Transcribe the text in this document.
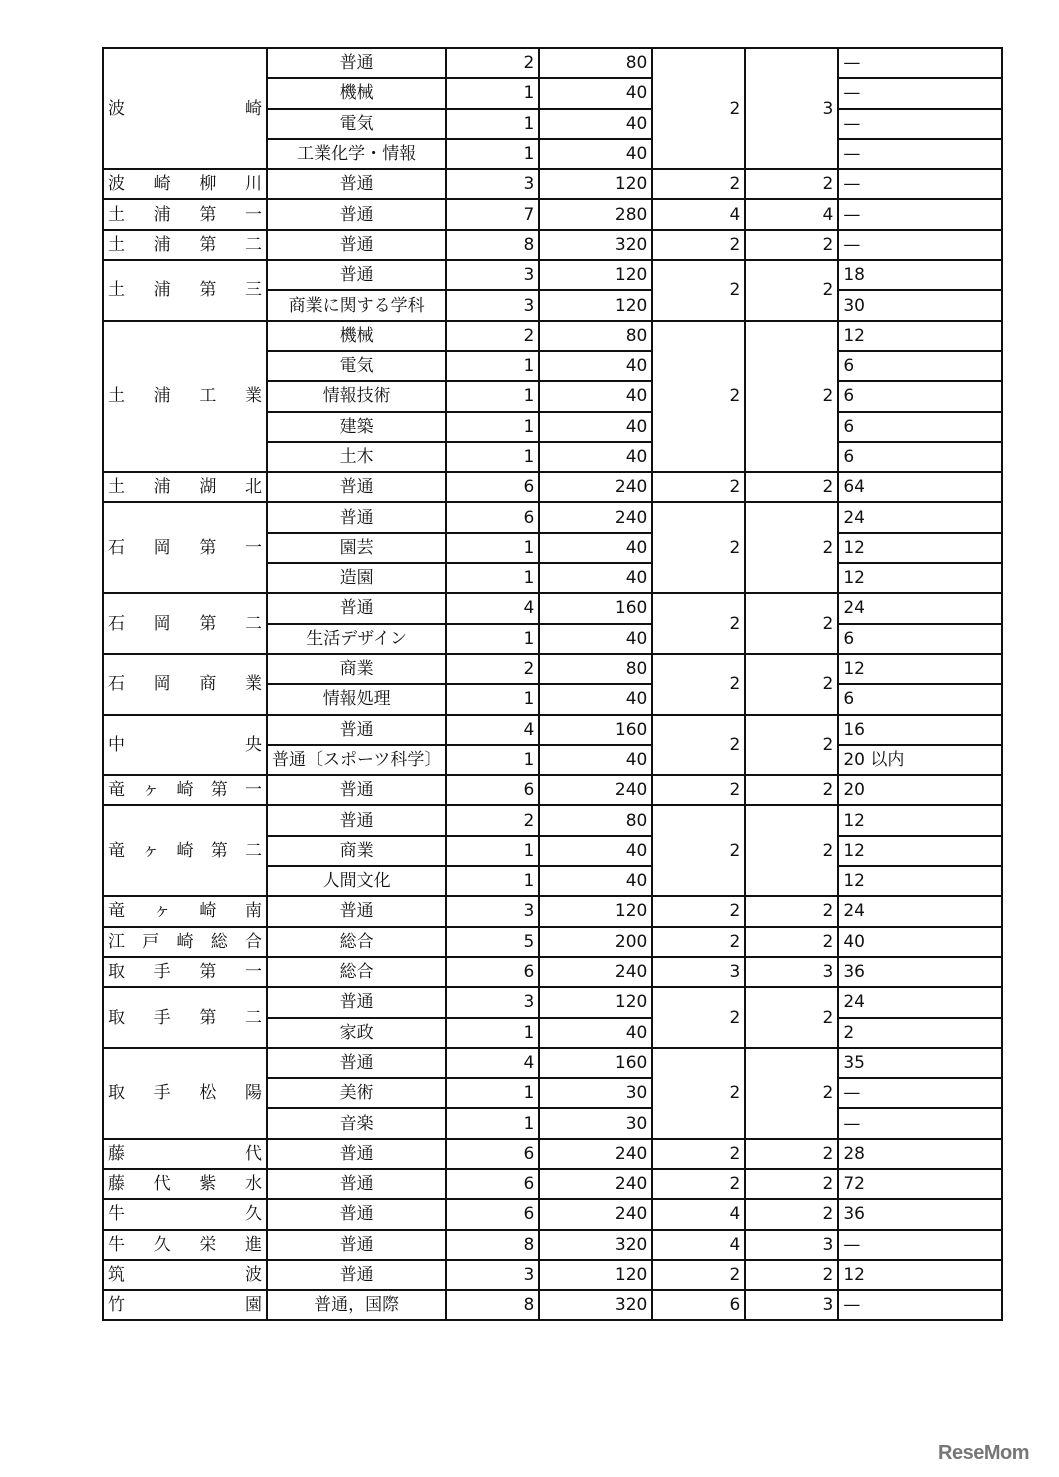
波 崎	普通	2	80	2	3	—
	機械	1	40			—
	電気	1	40			—
	工業化学・情報	1	40			—

波 崎 柳 川	普通	3	120	2	2	—

土 浦 第 一	普通	7	280	4	4	—

土 浦 第 二	普通	8	320	2	2	—

土 浦 第 三	普通	3	120	2	2	18
	商業に関する学科	3	120			30

土 浦 工 業	機械	2	80	2	2	12
	電気	1	40			6
	情報技術	1	40			6
	建築	1	40			6
	土木	1	40			6

土 浦 湖 北	普通	6	240	2	2	64

石 岡 第 一	普通	6	240	2	2	24
	園芸	1	40			12
	造園	1	40			12

石 岡 第 二	普通	4	160	2	2	24
	生活デザイン	1	40			6

石 岡 商 業	商業	2	80	2	2	12
	情報処理	1	40			6

中 央	普通	4	160	2	2	16
	普通〔スポーツ科学〕	1	40			20 以内

竜 ヶ 崎 第 一	普通	6	240	2	2	20

竜 ヶ 崎 第 二	普通	2	80	2	2	12
	商業	1	40			12
	人間文化	1	40			12

竜 ヶ 崎 南	普通	3	120	2	2	24

江 戸 崎 総 合	総合	5	200	2	2	40

取 手 第 一	総合	6	240	3	3	36

取 手 第 二	普通	3	120	2	2	24
	家政	1	40			2

取 手 松 陽	普通	4	160	2	2	35
	美術	1	30			—
	音楽	1	30			—

藤 代	普通	6	240	2	2	28

藤 代 紫 水	普通	6	240	2	2	72

牛 久	普通	6	240	4	2	36

牛 久 栄 進	普通	8	320	4	3	—

筑 波	普通	3	120	2	2	12

竹 園	普通，国際	8	320	6	3	—
ReseMom
